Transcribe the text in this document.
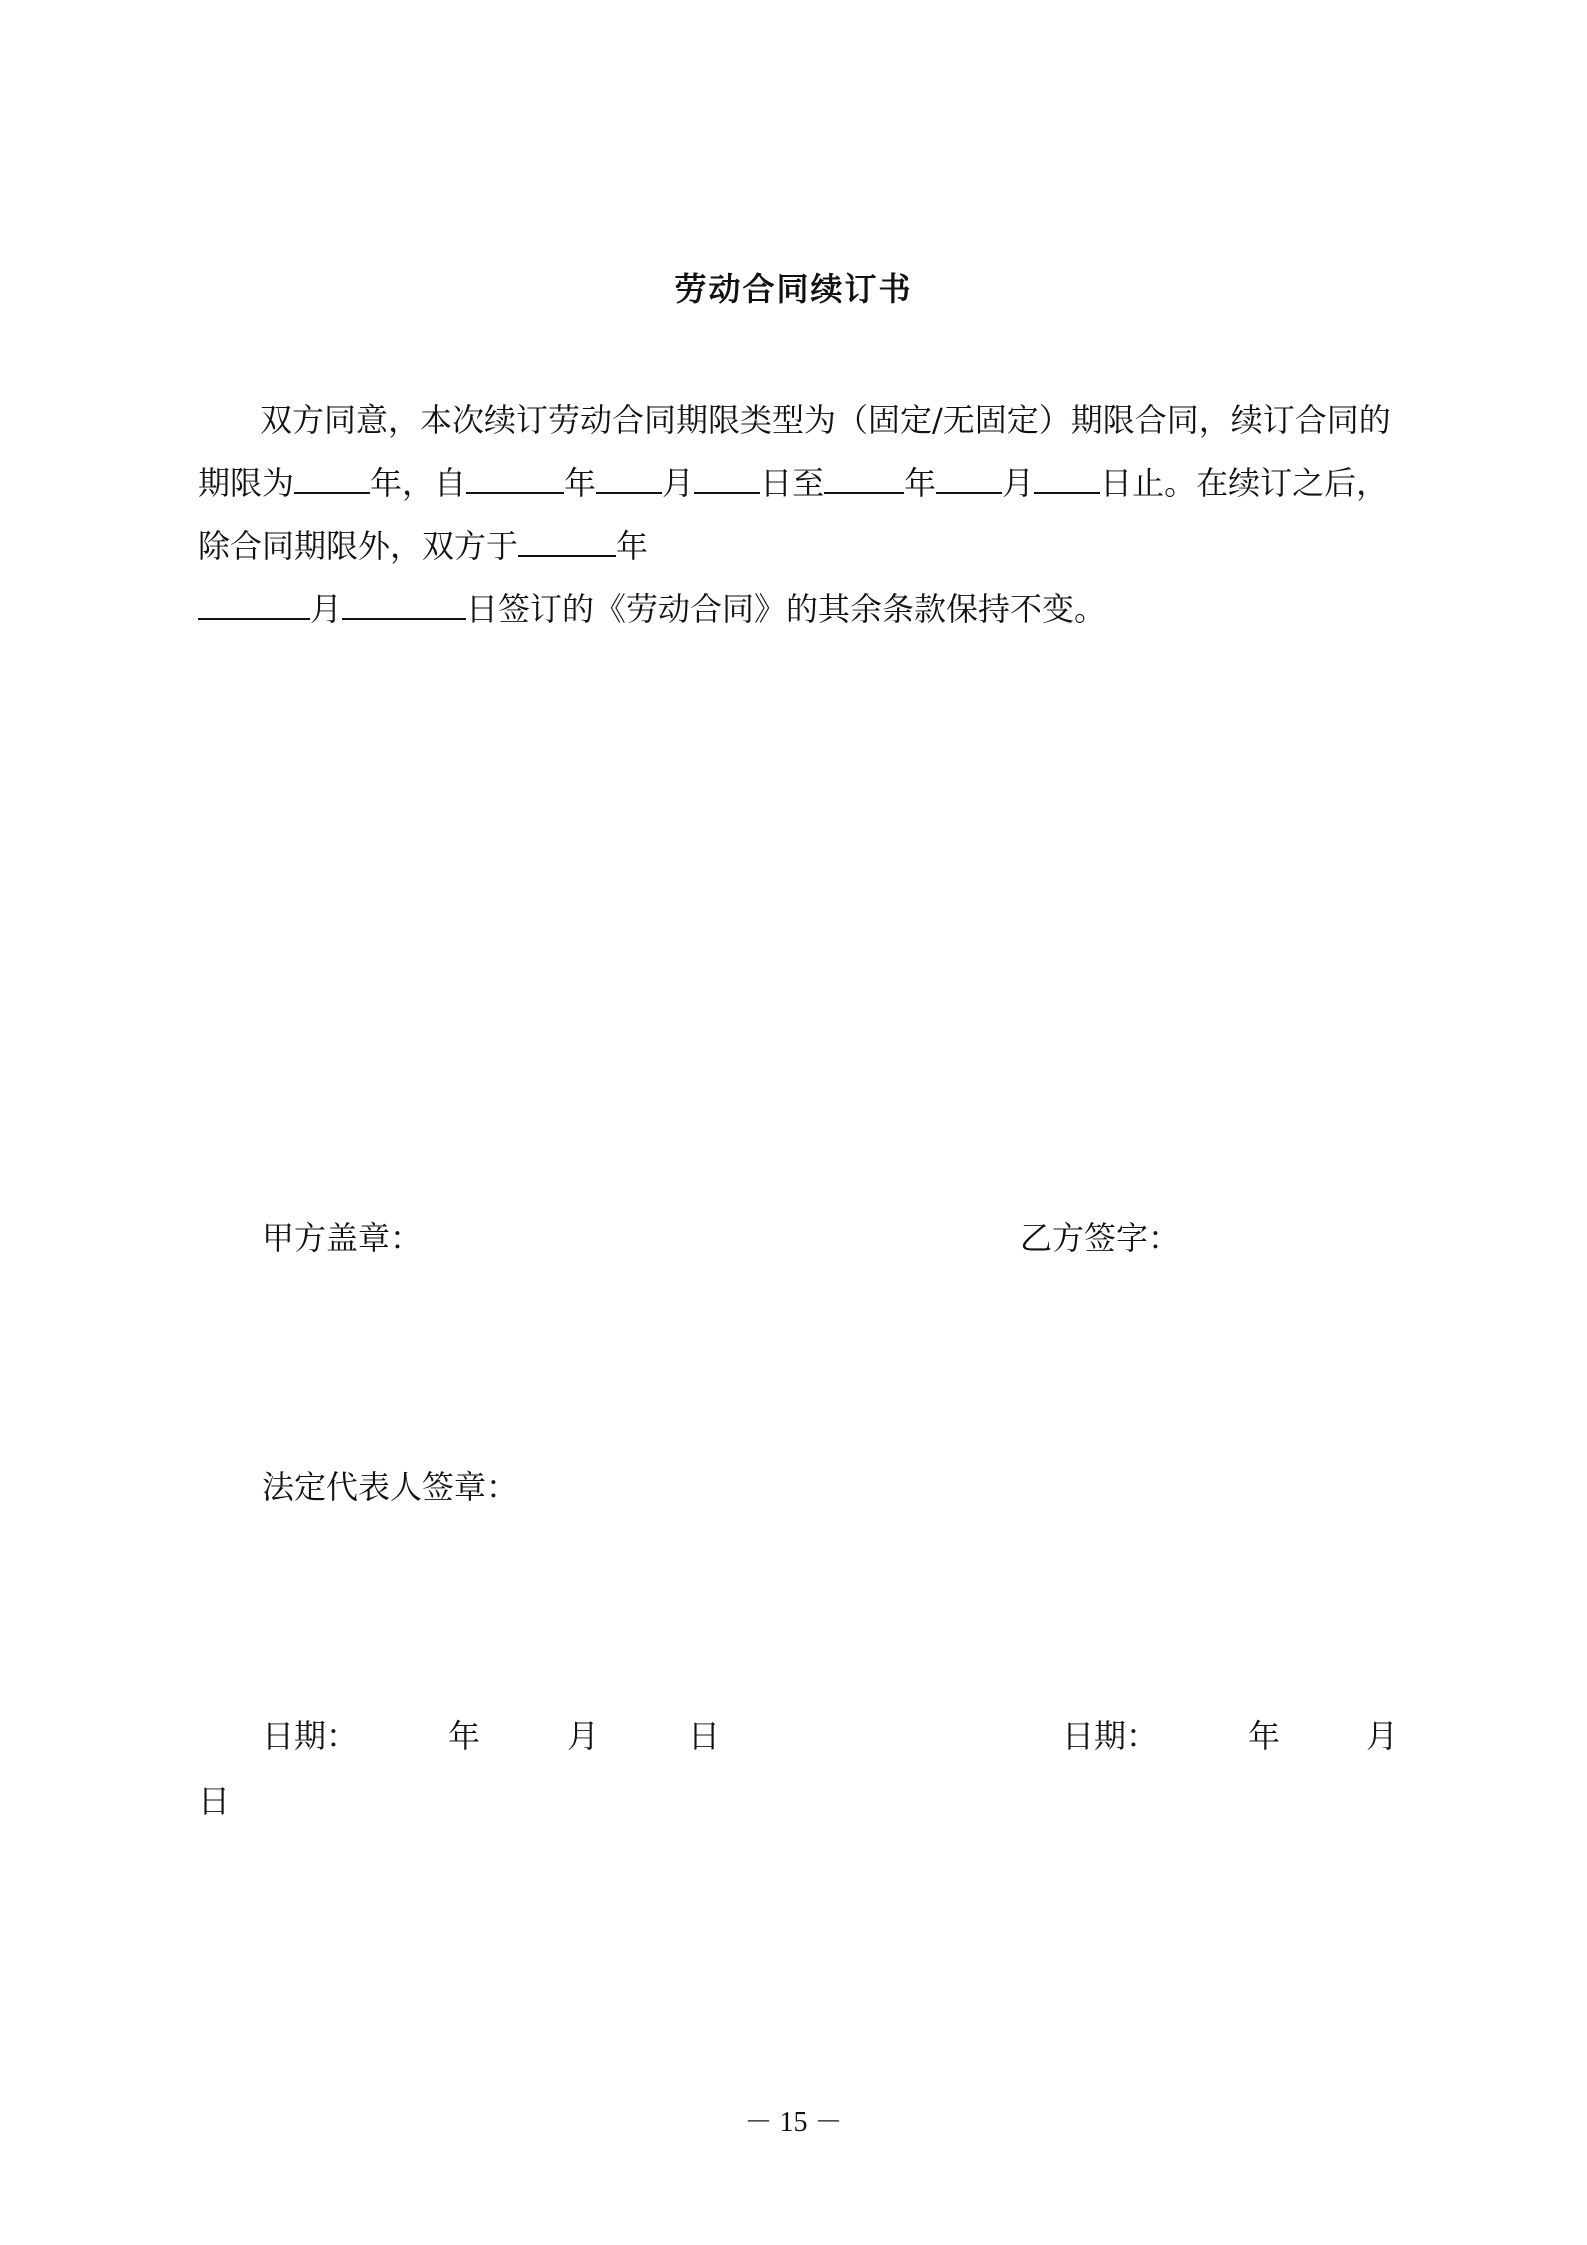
劳动合同续订书
双方同意，本次续订劳动合同期限类型为（固定/无固定）期限合同，续订合同的
期限为 年，自	年 月 日至	年 月 日止。在续订之后，
除合同期限外，双方于	年
月	日签订的《劳动合同》的其余条款保持不变。
甲方盖章：	乙方签字：
法定代表人签章：
日期：	年	月	日	日期：	年	月
日
－ 15 －
